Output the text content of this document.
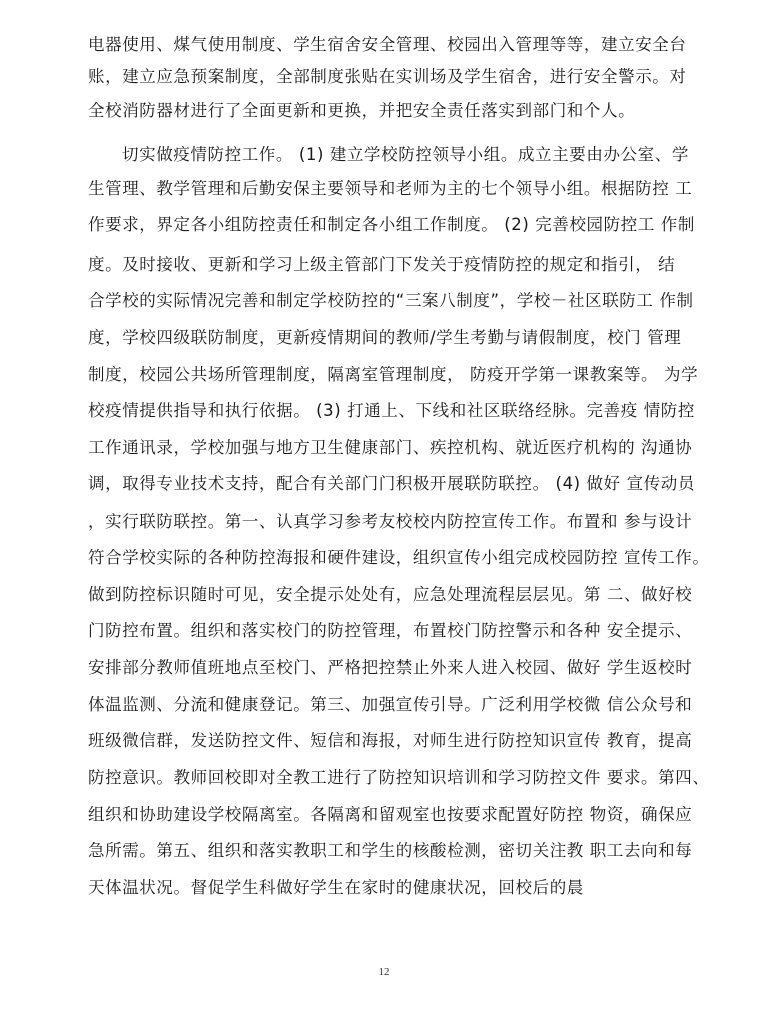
电器使用、煤气使用制度、学生宿舍安全管理、校园出入管理等等，建立安全台
账，建立应急预案制度，全部制度张贴在实训场及学生宿舍，进行安全警示。对
全校消防器材进行了全面更新和更换，并把安全责任落实到部门和个人。
切实做疫情防控工作。 (1) 建立学校防控领导小组。成立主要由办公室、学
生管理、教学管理和后勤安保主要领导和老师为主的七个领导小组。根据防控 工
作要求，界定各小组防控责任和制定各小组工作制度。 (2) 完善校园防控工 作制
度。及时接收、更新和学习上级主管部门下发关于疫情防控的规定和指引， 结
合学校的实际情况完善和制定学校防控的“三案八制度”，学校－社区联防工 作制
度，学校四级联防制度，更新疫情期间的教师/学生考勤与请假制度，校门 管理
制度，校园公共场所管理制度，隔离室管理制度， 防疫开学第一课教案等。 为学
校疫情提供指导和执行依据。 (3) 打通上、下线和社区联络经脉。完善疫 情防控
工作通讯录，学校加强与地方卫生健康部门、疾控机构、就近医疗机构的 沟通协
调，取得专业技术支持，配合有关部门门积极开展联防联控。 (4) 做好 宣传动员
，实行联防联控。第一、认真学习参考友校校内防控宣传工作。布置和 参与设计
符合学校实际的各种防控海报和硬件建设，组织宣传小组完成校园防控 宣传工作。
做到防控标识随时可见，安全提示处处有，应急处理流程层层见。第 二、做好校
门防控布置。组织和落实校门的防控管理，布置校门防控警示和各种 安全提示、
安排部分教师值班地点至校门、严格把控禁止外来人进入校园、做好 学生返校时
体温监测、分流和健康登记。第三、加强宣传引导。广泛利用学校微 信公众号和
班级微信群，发送防控文件、短信和海报，对师生进行防控知识宣传 教育，提高
防控意识。教师回校即对全教工进行了防控知识培训和学习防控文件 要求。第四、
组织和协助建设学校隔离室。各隔离和留观室也按要求配置好防控 物资，确保应
急所需。第五、组织和落实教职工和学生的核酸检测，密切关注教 职工去向和每
天体温状况。督促学生科做好学生在家时的健康状况，回校后的晨
12
